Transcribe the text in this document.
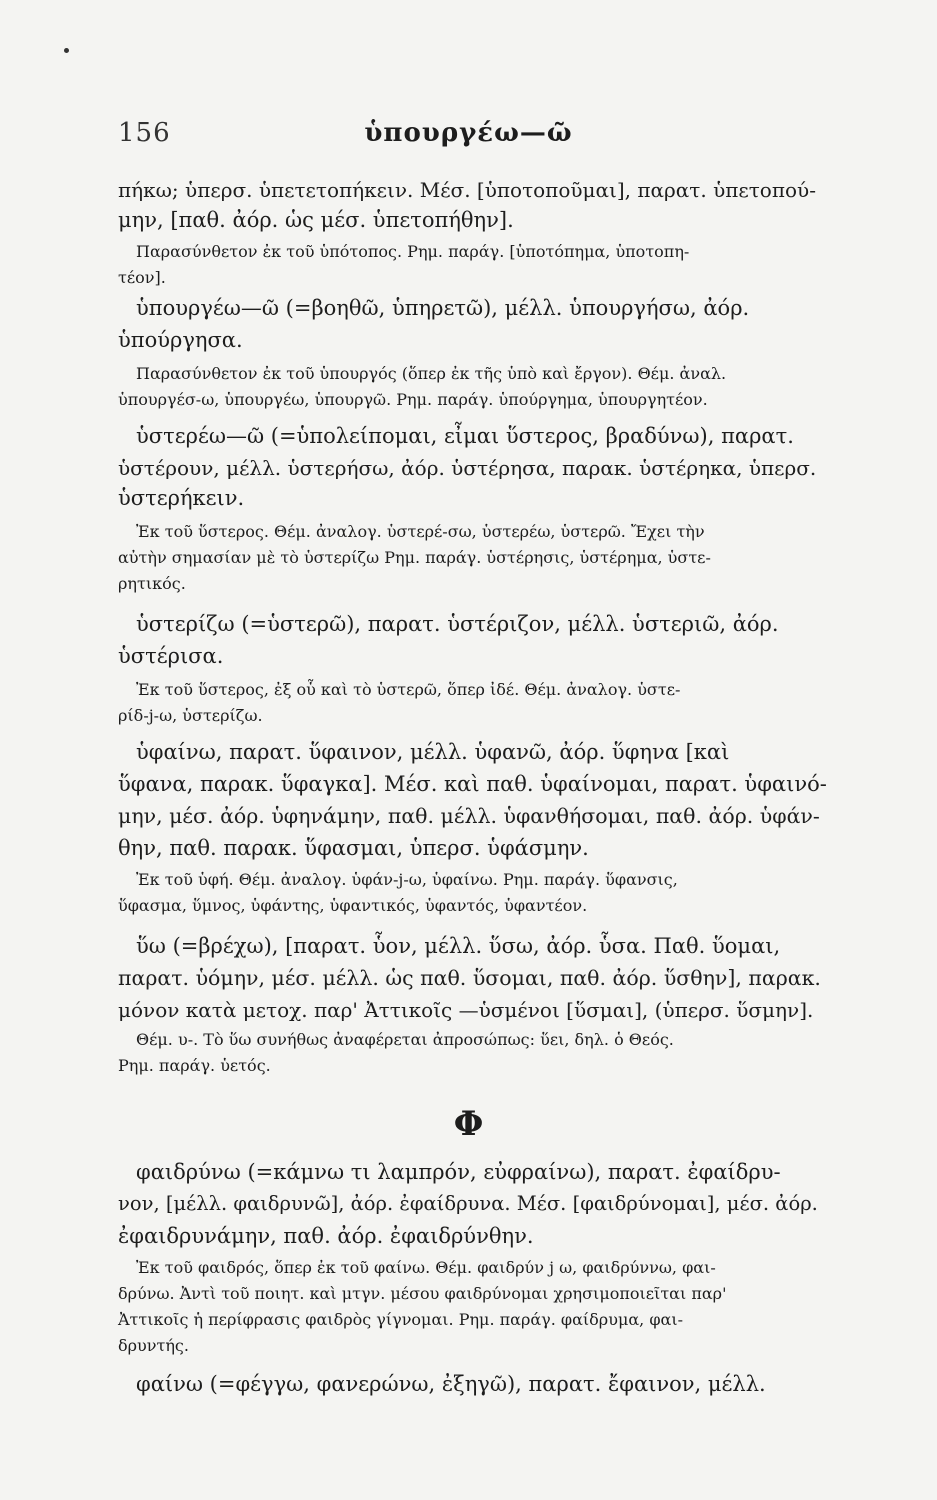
156	ὑπουργέω—ῶ
πήκω; ὑπερσ. ὑπετετοπήκειν. Μέσ. [ὑποτοποῦμαι], παρατ. ὑπετοπού-
μην, [παθ. ἀόρ. ὡς μέσ. ὑπετοπήθην].
Παρασύνθετον ἐκ τοῦ ὑπότοπος. Ρημ. παράγ. [ὑποτόπημα, ὑποτοπη-
τέον].
ὑπουργέω—ῶ (=βοηθῶ, ὑπηρετῶ), μέλλ. ὑπουργήσω, ἀόρ.
ὑπούργησα.
Παρασύνθετον ἐκ τοῦ ὑπουργός (ὅπερ ἐκ τῆς ὑπὸ καὶ ἔργον). Θέμ. ἀναλ.
ὑπουργέσ-ω, ὑπουργέω, ὑπουργῶ. Ρημ. παράγ. ὑπούργημα, ὑπουργητέον.
ὑστερέω—ῶ (=ὑπολείπομαι, εἶμαι ὕστερος, βραδύνω), παρατ.
ὑστέρουν, μέλλ. ὑστερήσω, ἀόρ. ὑστέρησα, παρακ. ὑστέρηκα, ὑπερσ.
ὑστερήκειν.
Ἐκ τοῦ ὕστερος. Θέμ. ἀναλογ. ὑστερέ-σω, ὑστερέω, ὑστερῶ. Ἔχει τὴν
αὐτὴν σημασίαν μὲ τὸ ὑστερίζω Ρημ. παράγ. ὑστέρησις, ὑστέρημα, ὑστε-
ρητικός.
ὑστερίζω (=ὑστερῶ), παρατ. ὑστέριζον, μέλλ. ὑστεριῶ, ἀόρ.
ὑστέρισα.
Ἐκ τοῦ ὕστερος, ἐξ οὗ καὶ τὸ ὑστερῶ, ὅπερ ἰδέ. Θέμ. ἀναλογ. ὑστε-
ρίδ-j-ω, ὑστερίζω.
ὑφαίνω, παρατ. ὕφαινον, μέλλ. ὑφανῶ, ἀόρ. ὕφηνα [καὶ
ὕφανα, παρακ. ὕφαγκα]. Μέσ. καὶ παθ. ὑφαίνομαι, παρατ. ὑφαινό-
μην, μέσ. ἀόρ. ὑφηνάμην, παθ. μέλλ. ὑφανθήσομαι, παθ. ἀόρ. ὑφάν-
θην, παθ. παρακ. ὕφασμαι, ὑπερσ. ὑφάσμην.
Ἐκ τοῦ ὑφή. Θέμ. ἀναλογ. ὑφάν-j-ω, ὑφαίνω. Ρημ. παράγ. ὕφανσις,
ὕφασμα, ὕμνος, ὑφάντης, ὑφαντικός, ὑφαντός, ὑφαντέον.
ὕω (=βρέχω), [παρατ. ὗον, μέλλ. ὕσω, ἀόρ. ὗσα. Παθ. ὕομαι,
παρατ. ὑόμην, μέσ. μέλλ. ὡς παθ. ὕσομαι, παθ. ἀόρ. ὕσθην], παρακ.
μόνον κατὰ μετοχ. παρ' Ἀττικοῖς —ὑσμένοι [ὕσμαι], (ὑπερσ. ὕσμην].
Θέμ. υ-. Τὸ ὕω συνήθως ἀναφέρεται ἀπροσώπως: ὕει, δηλ. ὁ Θεός.
Ρημ. παράγ. ὑετός.
Φ
φαιδρύνω (=κάμνω τι λαμπρόν, εὐφραίνω), παρατ. ἐφαίδρυ-
νον, [μέλλ. φαιδρυνῶ], ἀόρ. ἐφαίδρυνα. Μέσ. [φαιδρύνομαι], μέσ. ἀόρ.
ἐφαιδρυνάμην, παθ. ἀόρ. ἐφαιδρύνθην.
Ἐκ τοῦ φαιδρός, ὅπερ ἐκ τοῦ φαίνω. Θέμ. φαιδρύν j ω, φαιδρύννω, φαι-
δρύνω. Ἀντὶ τοῦ ποιητ. καὶ μτγν. μέσου φαιδρύνομαι χρησιμοποιεῖται παρ'
Ἀττικοῖς ἡ περίφρασις φαιδρὸς γίγνομαι. Ρημ. παράγ. φαίδρυμα, φαι-
δρυντής.
φαίνω (=φέγγω, φανερώνω, ἐξηγῶ), παρατ. ἔφαινον, μέλλ.
